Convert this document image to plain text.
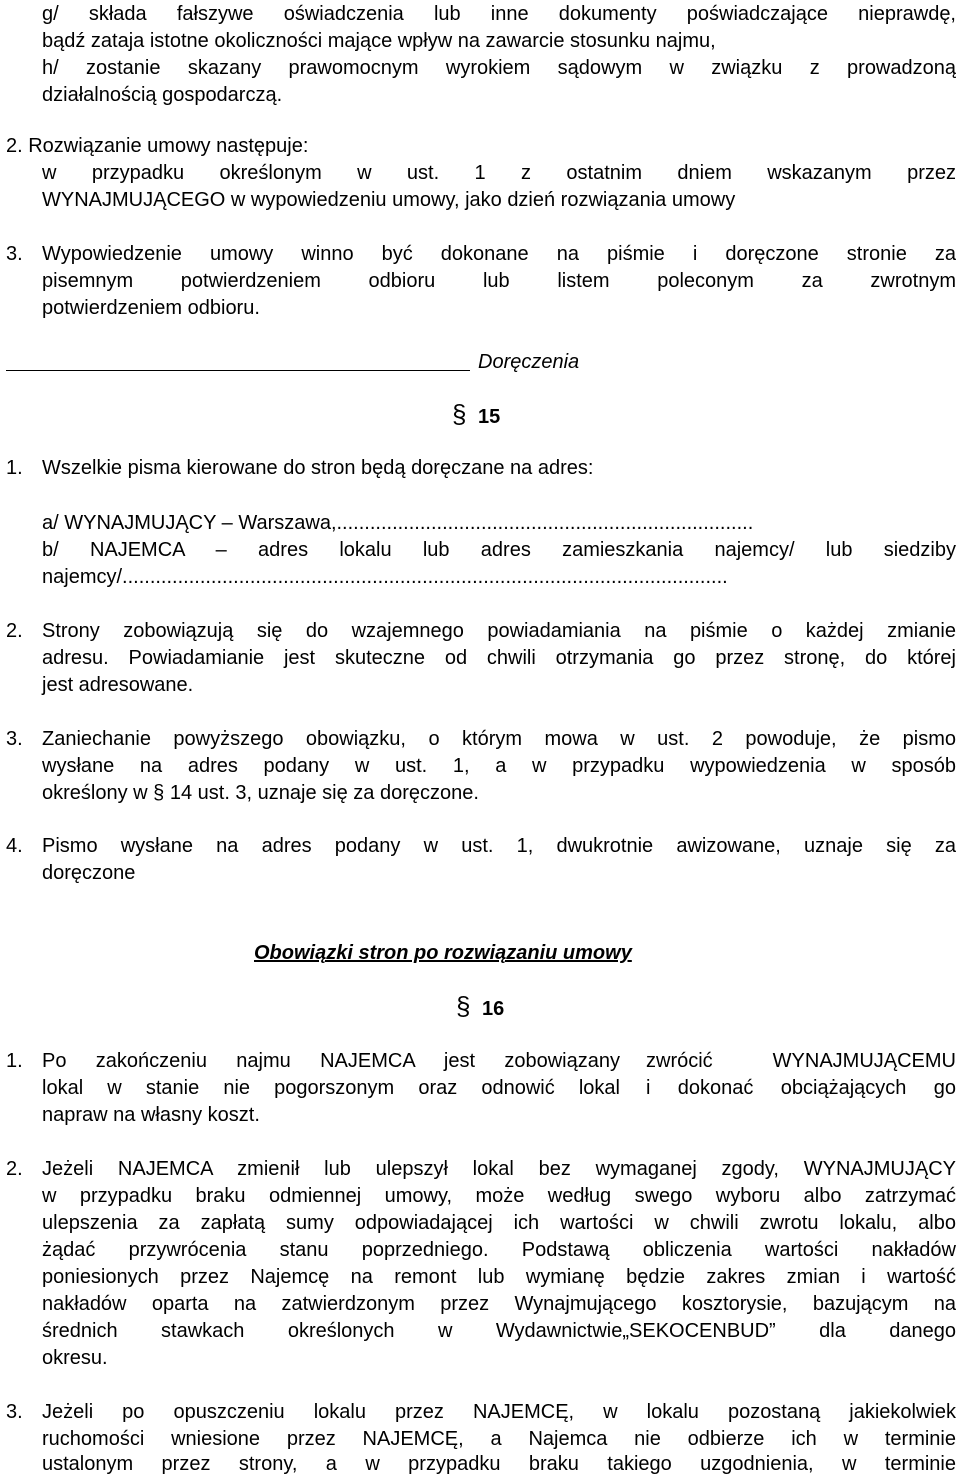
g/ składa fałszywe oświadczenia lub inne dokumenty poświadczające nieprawdę,
bądź zataja istotne okoliczności mające wpływ na zawarcie stosunku najmu,
h/ zostanie skazany prawomocnym wyrokiem sądowym w związku z prowadzoną
działalnością gospodarczą.
2. Rozwiązanie umowy następuje:
w przypadku określonym w ust. 1 z ostatnim dniem wskazanym przez
WYNAJMUJĄCEGO w wypowiedzeniu umowy, jako dzień rozwiązania umowy
3. Wypowiedzenie umowy winno być dokonane na piśmie i doręczone stronie za
pisemnym potwierdzeniem odbioru lub listem poleconym za zwrotnym
potwierdzeniem odbioru.
Doręczenia
§ 15
1. Wszelkie pisma kierowane do stron będą doręczane na adres:
a/ WYNAJMUJĄCY – Warszawa,...........................................................................
b/ NAJEMCA – adres lokalu lub adres zamieszkania najemcy/ lub siedziby
najemcy/.............................................................................................................
2. Strony zobowiązują się do wzajemnego powiadamiania na piśmie o każdej zmianie
adresu. Powiadamianie jest skuteczne od chwili otrzymania go przez stronę, do której
jest adresowane.
3. Zaniechanie powyższego obowiązku, o którym mowa w ust. 2 powoduje, że pismo
wysłane na adres podany w ust. 1, a w przypadku wypowiedzenia w sposób
określony w § 14 ust. 3, uznaje się za doręczone.
4. Pismo wysłane na adres podany w ust. 1, dwukrotnie awizowane, uznaje się za
doręczone
Obowiązki stron po rozwiązaniu umowy
§ 16
1. Po zakończeniu najmu NAJEMCA jest zobowiązany
lokal w stanie nie pogorszonym oraz odnowić lokal
napraw na własny koszt.
zwrócić WYNAJMUJĄCEMU
i dokonać obciążających go
2. Jeżeli NAJEMCA zmienił lub ulepszył lokal bez wymaganej zgody, WYNAJMUJĄCY
w przypadku braku odmiennej umowy, może według swego wyboru albo zatrzymać
ulepszenia za zapłatą sumy odpowiadającej ich wartości w chwili zwrotu lokalu, albo
żądać przywrócenia stanu poprzedniego. Podstawą obliczenia wartości nakładów
poniesionych przez Najemcę na remont lub wymianę będzie zakres zmian i wartość
nakładów oparta na zatwierdzonym przez Wynajmującego kosztorysie, bazującym na
średnich stawkach określonych w Wydawnictwie„SEKOCENBUD” dla danego
okresu.
3. Jeżeli po opuszczeniu lokalu przez NAJEMCĘ, w lokalu pozostaną jakiekolwiek
ruchomości wniesione przez NAJEMCĘ, a Najemca nie odbierze ich w terminie
ustalonym przez strony, a w przypadku braku takiego uzgodnienia, w terminie
